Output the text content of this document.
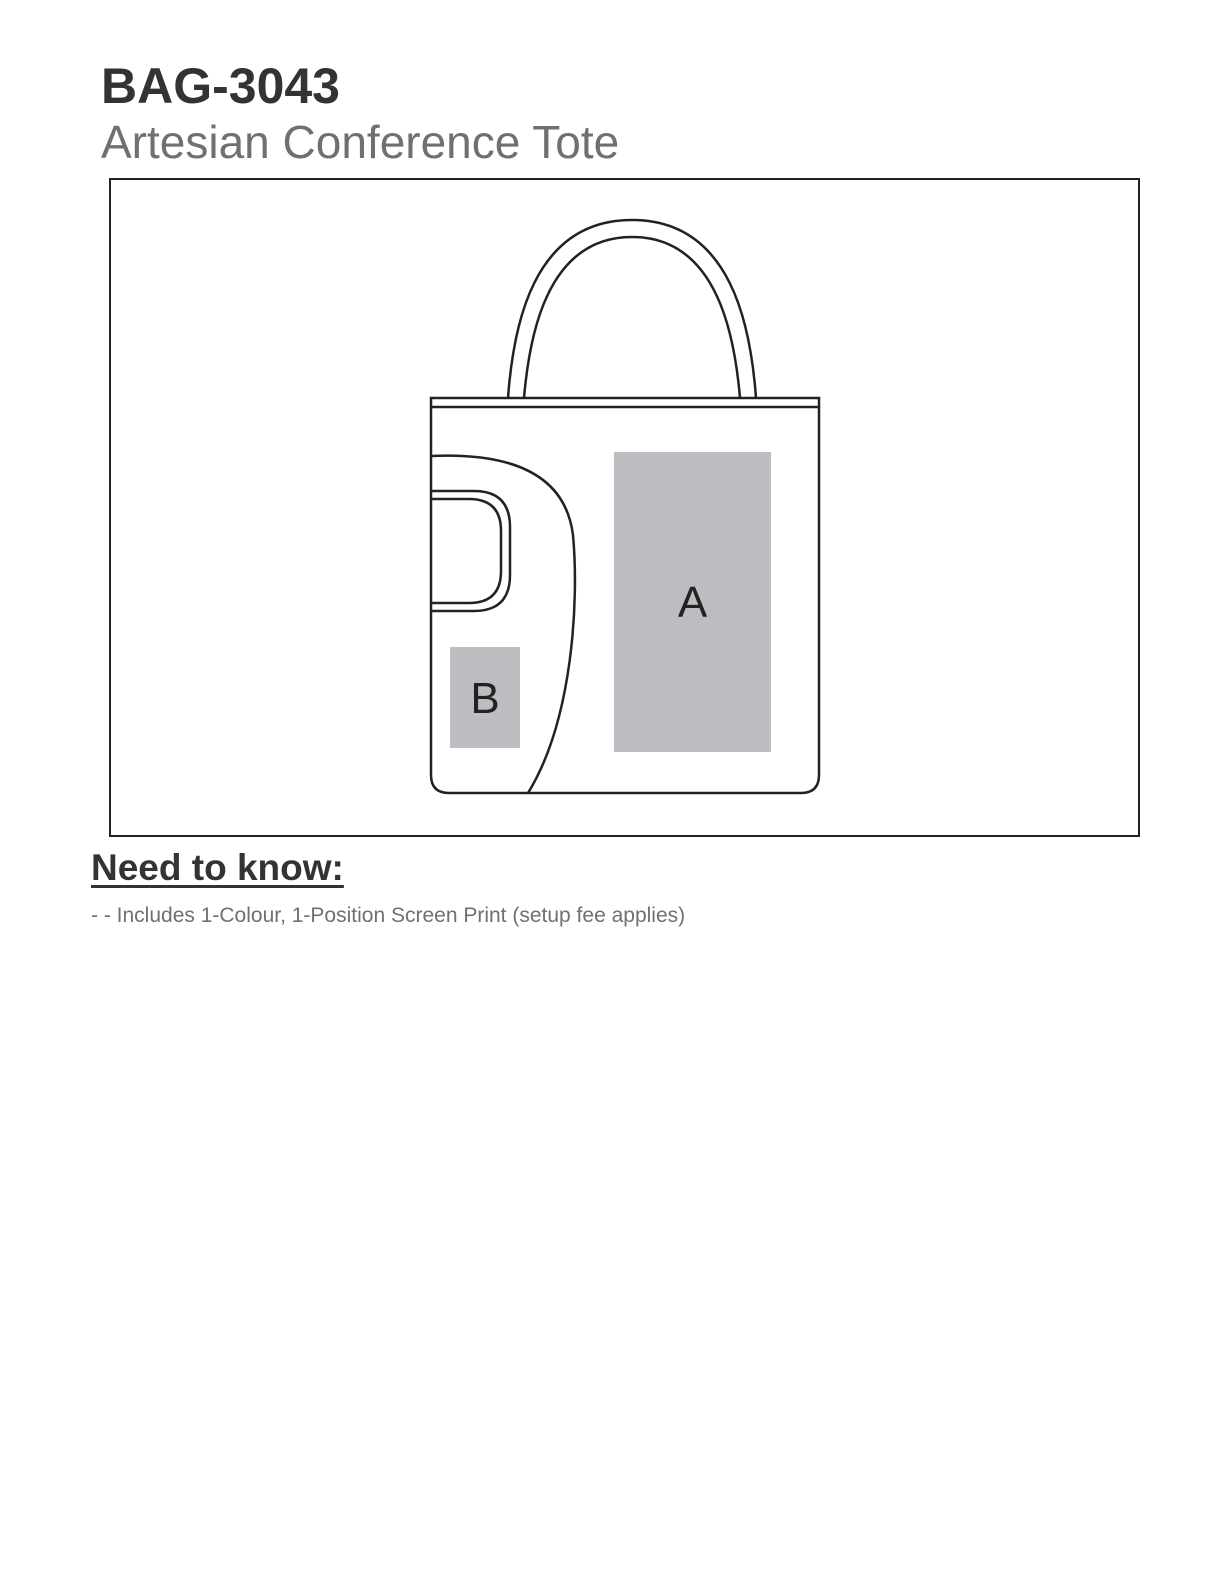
BAG-3043
Artesian Conference Tote
A
B
Need to know:
- - Includes 1-Colour, 1-Position Screen Print (setup fee applies)
